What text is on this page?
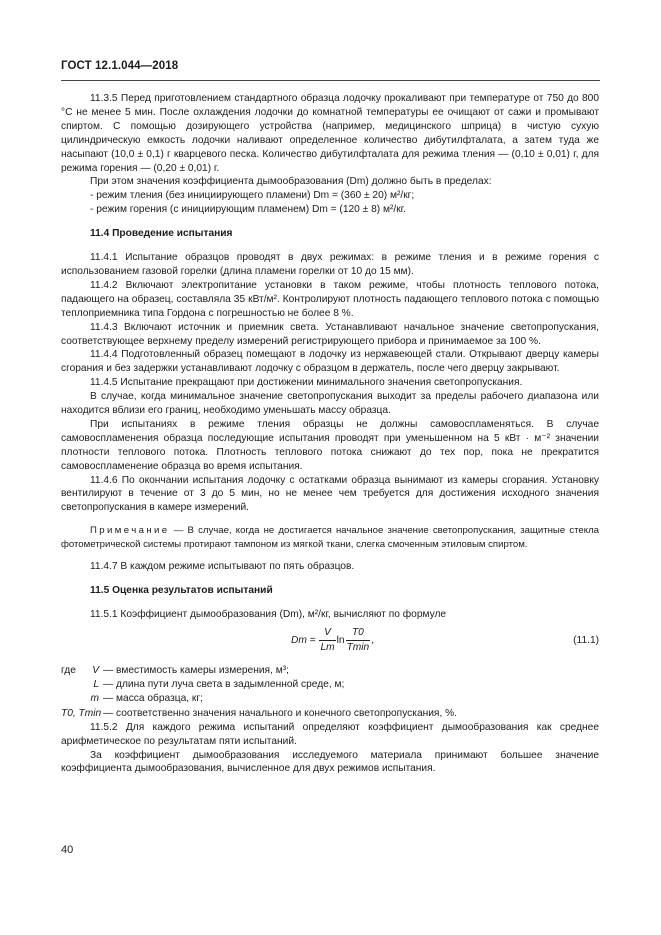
ГОСТ 12.1.044—2018

11.3.5 Перед приготовлением стандартного образца лодочку прокаливают при температуре от 750 до 800 °С не менее 5 мин. После охлаждения лодочки до комнатной температуры ее очищают от сажи и промывают спиртом. С помощью дозирующего устройства (например, медицинского шприца) в чистую сухую цилиндрическую емкость лодочки наливают определенное количество дибутилфталата, а затем туда же насыпают (10,0 ± 0,1) г кварцевого песка. Количество дибутилфталата для режима тления — (0,10 ± 0,01) г, для режима горения — (0,20 ± 0,01) г.

При этом значения коэффициента дымообразования (Dm) должно быть в пределах:

- режим тления (без инициирующего пламени) Dm = (360 ± 20) м²/кг;

- режим горения (с инициирующим пламенем) Dm = (120 ± 8) м²/кг.

11.4 Проведение испытания

11.4.1 Испытание образцов проводят в двух режимах: в режиме тления и в режиме горения с использованием газовой горелки (длина пламени горелки от 10 до 15 мм).

11.4.2 Включают электропитание установки в таком режиме, чтобы плотность теплового потока, падающего на образец, составляла 35 кВт/м². Контролируют плотность падающего теплового потока с помощью теплоприемника типа Гордона с погрешностью не более 8 %.

11.4.3 Включают источник и приемник света. Устанавливают начальное значение светопропускания, соответствующее верхнему пределу измерений регистрирующего прибора и принимаемое за 100 %.

11.4.4 Подготовленный образец помещают в лодочку из нержавеющей стали. Открывают дверцу камеры сгорания и без задержки устанавливают лодочку с образцом в держатель, после чего дверцу закрывают.

11.4.5 Испытание прекращают при достижении минимального значения светопропускания.

В случае, когда минимальное значение светопропускания выходит за пределы рабочего диапазона или находится вблизи его границ, необходимо уменьшать массу образца.

При испытаниях в режиме тления образцы не должны самовоспламеняться. В случае самовоспламенения образца последующие испытания проводят при уменьшенном на 5 кВт · м⁻² значении плотности теплового потока. Плотность теплового потока снижают до тех пор, пока не прекратится самовоспламенение образца во время испытания.

11.4.6 По окончании испытания лодочку с остатками образца вынимают из камеры сгорания. Установку вентилируют в течение от 3 до 5 мин, но не менее чем требуется для достижения исходного значения светопропускания в камере измерений.

Примечание — В случае, когда не достигается начальное значение светопропускания, защитные стекла фотометрической системы протирают тампоном из мягкой ткани, слегка смоченным этиловым спиртом.

11.4.7 В каждом режиме испытывают по пять образцов.

11.5 Оценка результатов испытаний

11.5.1 Коэффициент дымообразования (Dm), м²/кг, вычисляют по формуле

$Dm = \frac{V}{Lm}$ $\ln \frac{T0}{Tmin}$ ,	(11.1)
где V — вместимость камеры измерения, м³;
L — длина пути луча света в задымленной среде, м;
m — масса образца, кг;
T0, Tmin — соответственно значения начального и конечного светопропускания, %.

11.5.2 Для каждого режима испытаний определяют коэффициент дымообразования как среднее арифметическое по результатам пяти испытаний.

За коэффициент дымообразования исследуемого материала принимают большее значение коэффициента дымообразования, вычисленное для двух режимов испытания.

40
